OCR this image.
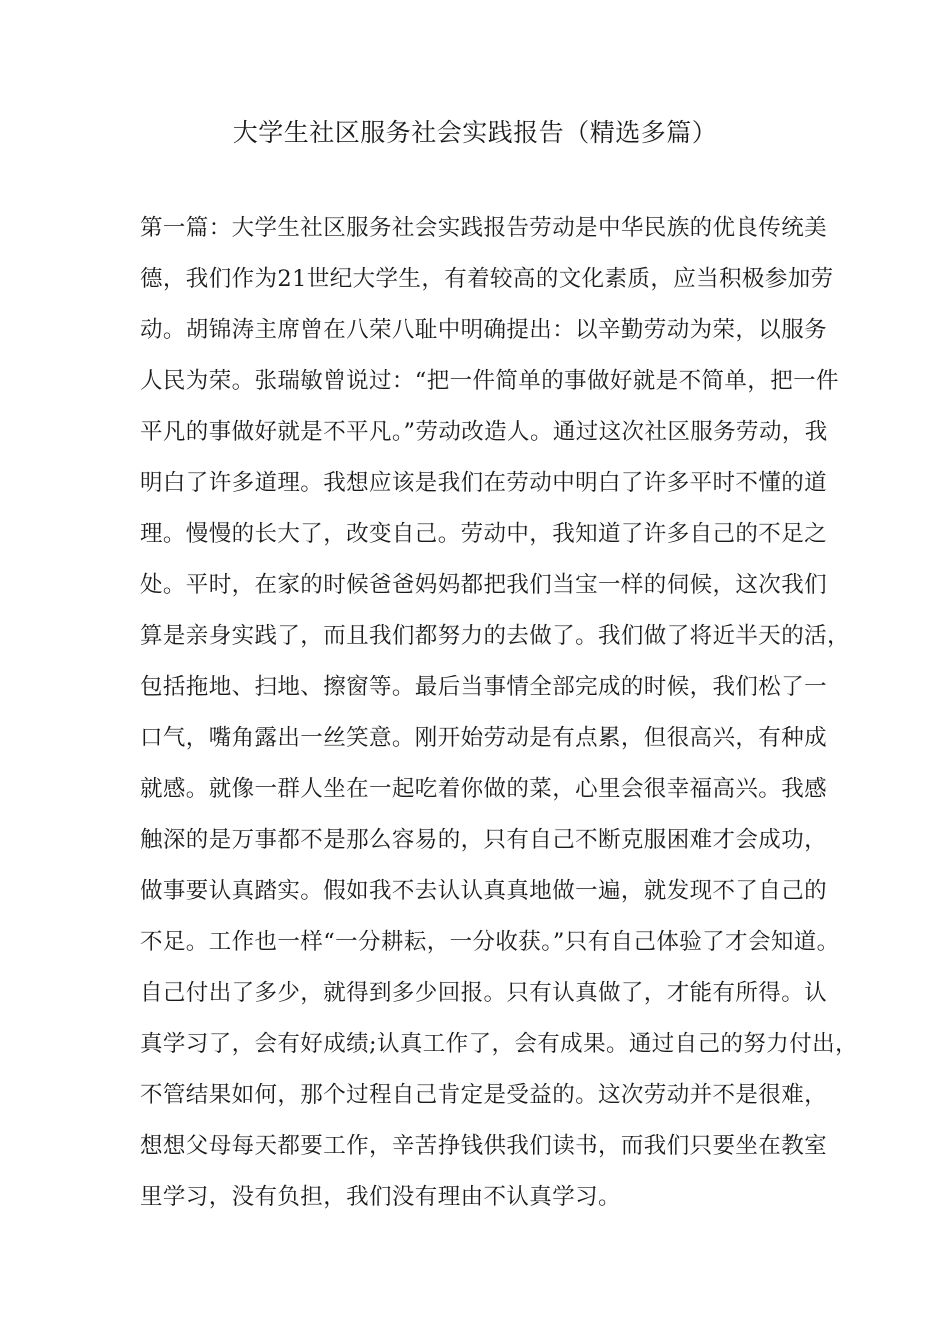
大学生社区服务社会实践报告（精选多篇）
第一篇：大学生社区服务社会实践报告劳动是中华民族的优良传统美
德，我们作为21世纪大学生，有着较高的文化素质，应当积极参加劳
动。胡锦涛主席曾在八荣八耻中明确提出：以辛勤劳动为荣，以服务
人民为荣。张瑞敏曾说过：“把一件简单的事做好就是不简单，把一件
平凡的事做好就是不平凡。”劳动改造人。通过这次社区服务劳动，我
明白了许多道理。我想应该是我们在劳动中明白了许多平时不懂的道
理。慢慢的长大了，改变自己。劳动中，我知道了许多自己的不足之
处。平时，在家的时候爸爸妈妈都把我们当宝一样的伺候，这次我们
算是亲身实践了，而且我们都努力的去做了。我们做了将近半天的活，
包括拖地、扫地、擦窗等。最后当事情全部完成的时候，我们松了一
口气，嘴角露出一丝笑意。刚开始劳动是有点累，但很高兴，有种成
就感。就像一群人坐在一起吃着你做的菜，心里会很幸福高兴。我感
触深的是万事都不是那么容易的，只有自己不断克服困难才会成功，
做事要认真踏实。假如我不去认认真真地做一遍，就发现不了自己的
不足。工作也一样“一分耕耘，一分收获。”只有自己体验了才会知道。
自己付出了多少，就得到多少回报。只有认真做了，才能有所得。认
真学习了，会有好成绩;认真工作了，会有成果。通过自己的努力付出，
不管结果如何，那个过程自己肯定是受益的。这次劳动并不是很难，
想想父母每天都要工作，辛苦挣钱供我们读书，而我们只要坐在教室
里学习，没有负担，我们没有理由不认真学习。
